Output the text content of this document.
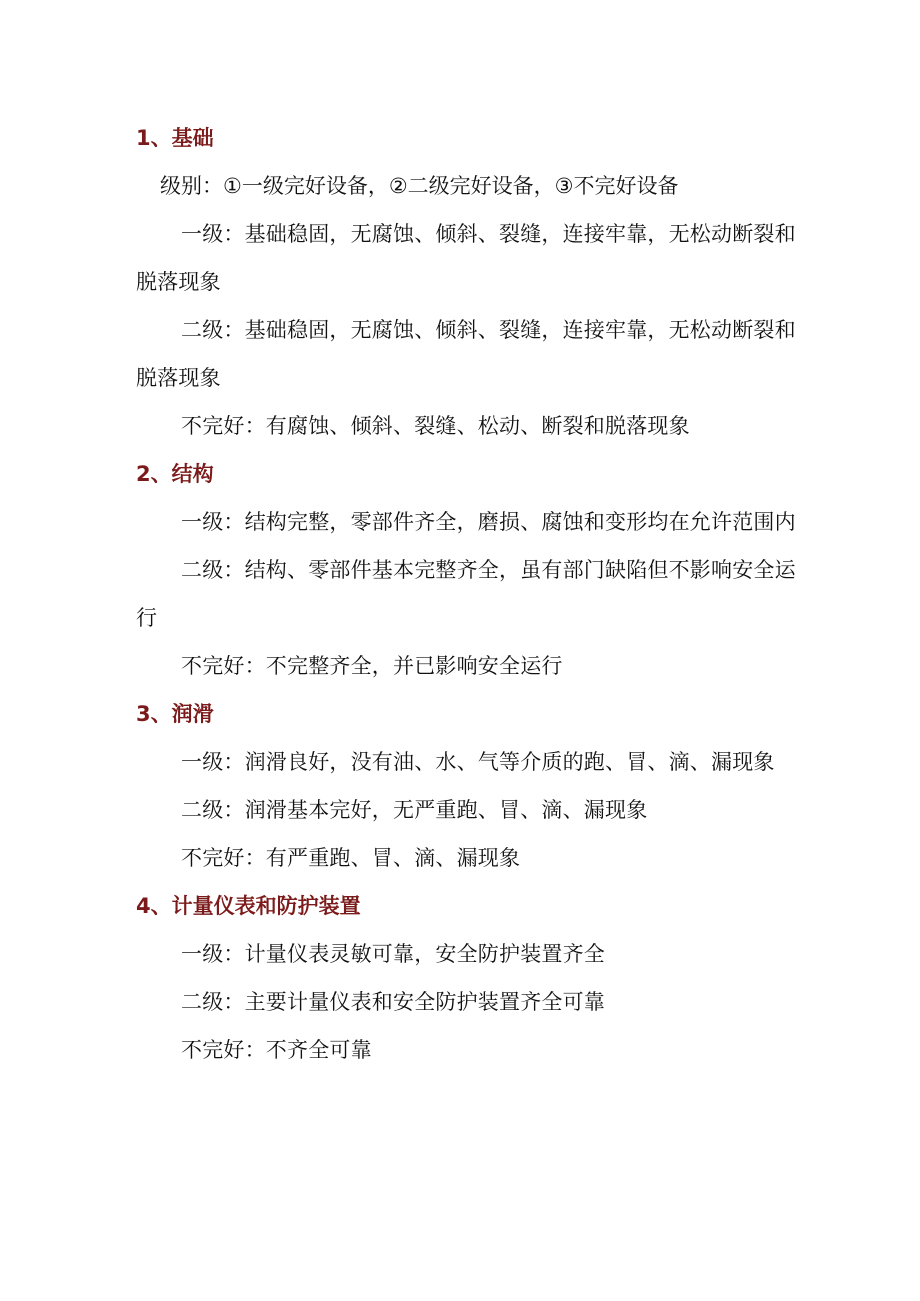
1、基础

级别：①一级完好设备，②二级完好设备，③不完好设备

一级：基础稳固，无腐蚀、倾斜、裂缝，连接牢靠，无松动断裂和脱落现象

二级：基础稳固，无腐蚀、倾斜、裂缝，连接牢靠，无松动断裂和脱落现象

不完好：有腐蚀、倾斜、裂缝、松动、断裂和脱落现象

2、结构

一级：结构完整，零部件齐全，磨损、腐蚀和变形均在允许范围内

二级：结构、零部件基本完整齐全，虽有部门缺陷但不影响安全运行

不完好：不完整齐全，并已影响安全运行

3、润滑

一级：润滑良好，没有油、水、气等介质的跑、冒、滴、漏现象

二级：润滑基本完好，无严重跑、冒、滴、漏现象

不完好：有严重跑、冒、滴、漏现象

4、计量仪表和防护装置

一级：计量仪表灵敏可靠，安全防护装置齐全

二级：主要计量仪表和安全防护装置齐全可靠

不完好：不齐全可靠
